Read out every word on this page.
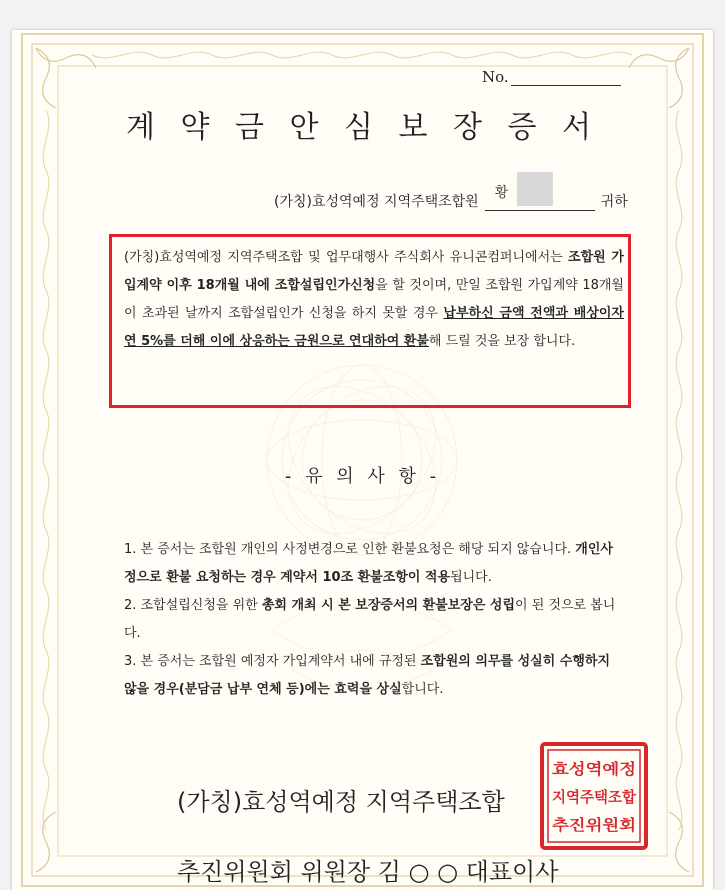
No.
계 약 금 안 심 보 장 증 서
(가칭)효성역예정 지역주택조합원
황
귀하
(가칭)효성역예정 지역주택조합 및 업무대행사 주식회사 유니콘컴퍼니에서는 조합원 가입계약 이후 18개월 내에 조합설립인가신청을 할 것이며, 만일 조합원 가입계약 18개월이 초과된 날까지 조합설립인가 신청을 하지 못할 경우 납부하신 금액 전액과 배상이자 연 5%를 더해 이에 상응하는 금원으로 연대하여 환불해 드릴 것을 보장 합니다.
- 유 의 사 항 -
1. 본 증서는 조합원 개인의 사정변경으로 인한 환불요청은 해당 되지 않습니다. 개인사정으로 환불 요청하는 경우 계약서 10조 환불조항이 적용됩니다.
2. 조합설립신청을 위한 총회 개최 시 본 보장증서의 환불보장은 성립이 된 것으로 봅니다.
3. 본 증서는 조합원 예정자 가입계약서 내에 규정된 조합원의 의무를 성실히 수행하지 않을 경우(분담금 납부 연체 등)에는 효력을 상실합니다.
(가칭)효성역예정 지역주택조합
추진위원회 위원장 김 ○ ○ 대표이사
효성역예정
지역주택조합
추진위원회
